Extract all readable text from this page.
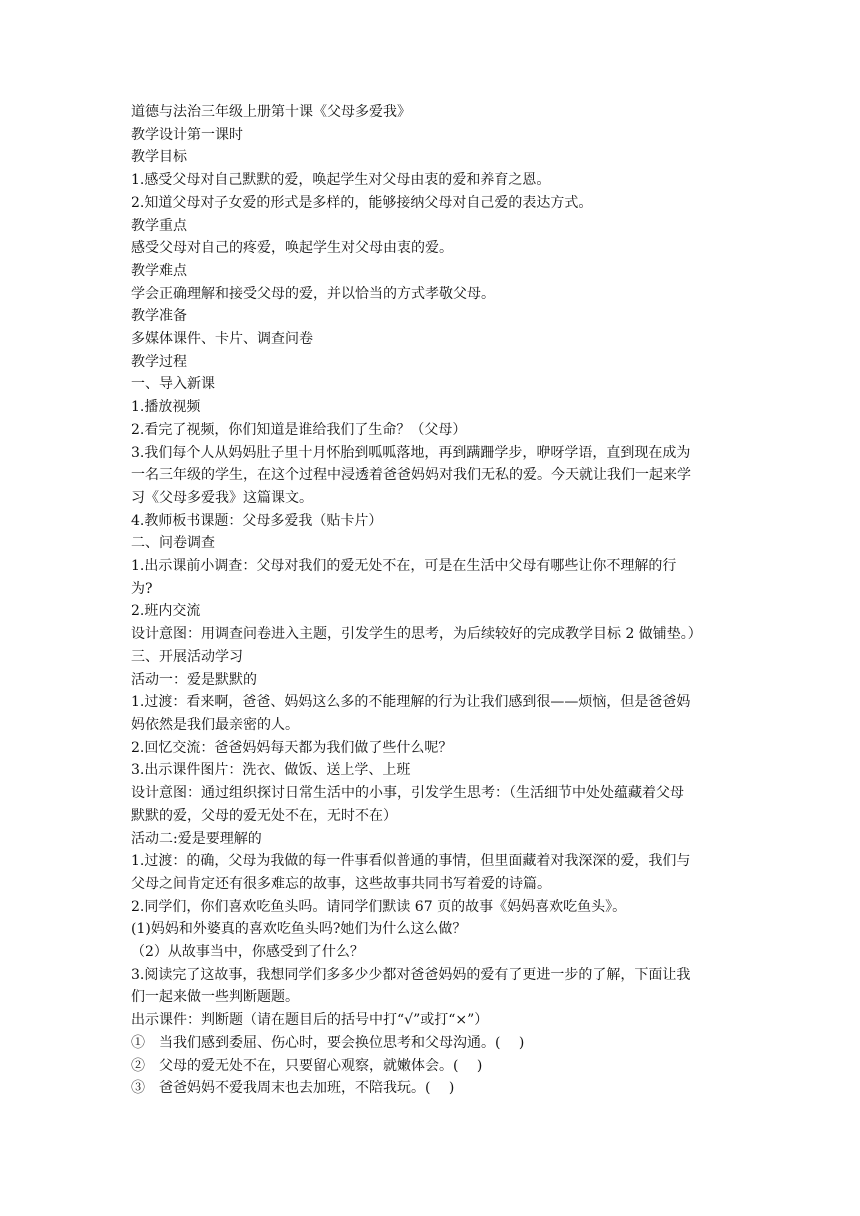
道德与法治三年级上册第十课《父母多爱我》

教学设计第一课时

教学目标

1.感受父母对自己默默的爱，唤起学生对父母由衷的爱和养育之恩。

2.知道父母对子女爱的形式是多样的，能够接纳父母对自己爱的表达方式。

教学重点

感受父母对自己的疼爱，唤起学生对父母由衷的爱。

教学难点

学会正确理解和接受父母的爱，并以恰当的方式孝敬父母。

教学准备

多媒体课件、卡片、调查问卷

教学过程

一、导入新课

1.播放视频

2.看完了视频，你们知道是谁给我们了生命？（父母）

3.我们每个人从妈妈肚子里十月怀胎到呱呱落地，再到蹒跚学步，咿呀学语，直到现在成为

一名三年级的学生，在这个过程中浸透着爸爸妈妈对我们无私的爱。今天就让我们一起来学

习《父母多爱我》这篇课文。

4.教师板书课题：父母多爱我（贴卡片）

二、问卷调查

1.出示课前小调查：父母对我们的爱无处不在，可是在生活中父母有哪些让你不理解的行

为?

2.班内交流

设计意图：用调查问卷进入主题，引发学生的思考，为后续较好的完成教学目标 2 做铺垫。）

三、开展活动学习

活动一：爱是默默的

1.过渡：看来啊，爸爸、妈妈这么多的不能理解的行为让我们感到很——烦恼，但是爸爸妈

妈依然是我们最亲密的人。

2.回忆交流：爸爸妈妈每天都为我们做了些什么呢？

3.出示课件图片：洗衣、做饭、送上学、上班

设计意图：通过组织探讨日常生活中的小事，引发学生思考：（生活细节中处处蕴藏着父母

默默的爱，父母的爱无处不在，无时不在）

活动二:爱是要理解的

1.过渡：的确，父母为我做的每一件事看似普通的事情，但里面藏着对我深深的爱，我们与

父母之间肯定还有很多难忘的故事，这些故事共同书写着爱的诗篇。

2.同学们，你们喜欢吃鱼头吗。请同学们默读 67 页的故事《妈妈喜欢吃鱼头》。

(1)妈妈和外婆真的喜欢吃鱼头吗?她们为什么这么做？

（2）从故事当中，你感受到了什么？

3.阅读完了这故事，我想同学们多多少少都对爸爸妈妈的爱有了更进一步的了解，下面让我

们一起来做一些判断题题。

出示课件：判断题（请在题目后的括号中打“√”或打“×”）

①　当我们感到委屈、伤心时，要会换位思考和父母沟通。(　 )

②　父母的爱无处不在，只要留心观察，就嫩体会。(　 )

③　爸爸妈妈不爱我周末也去加班，不陪我玩。(　 )
